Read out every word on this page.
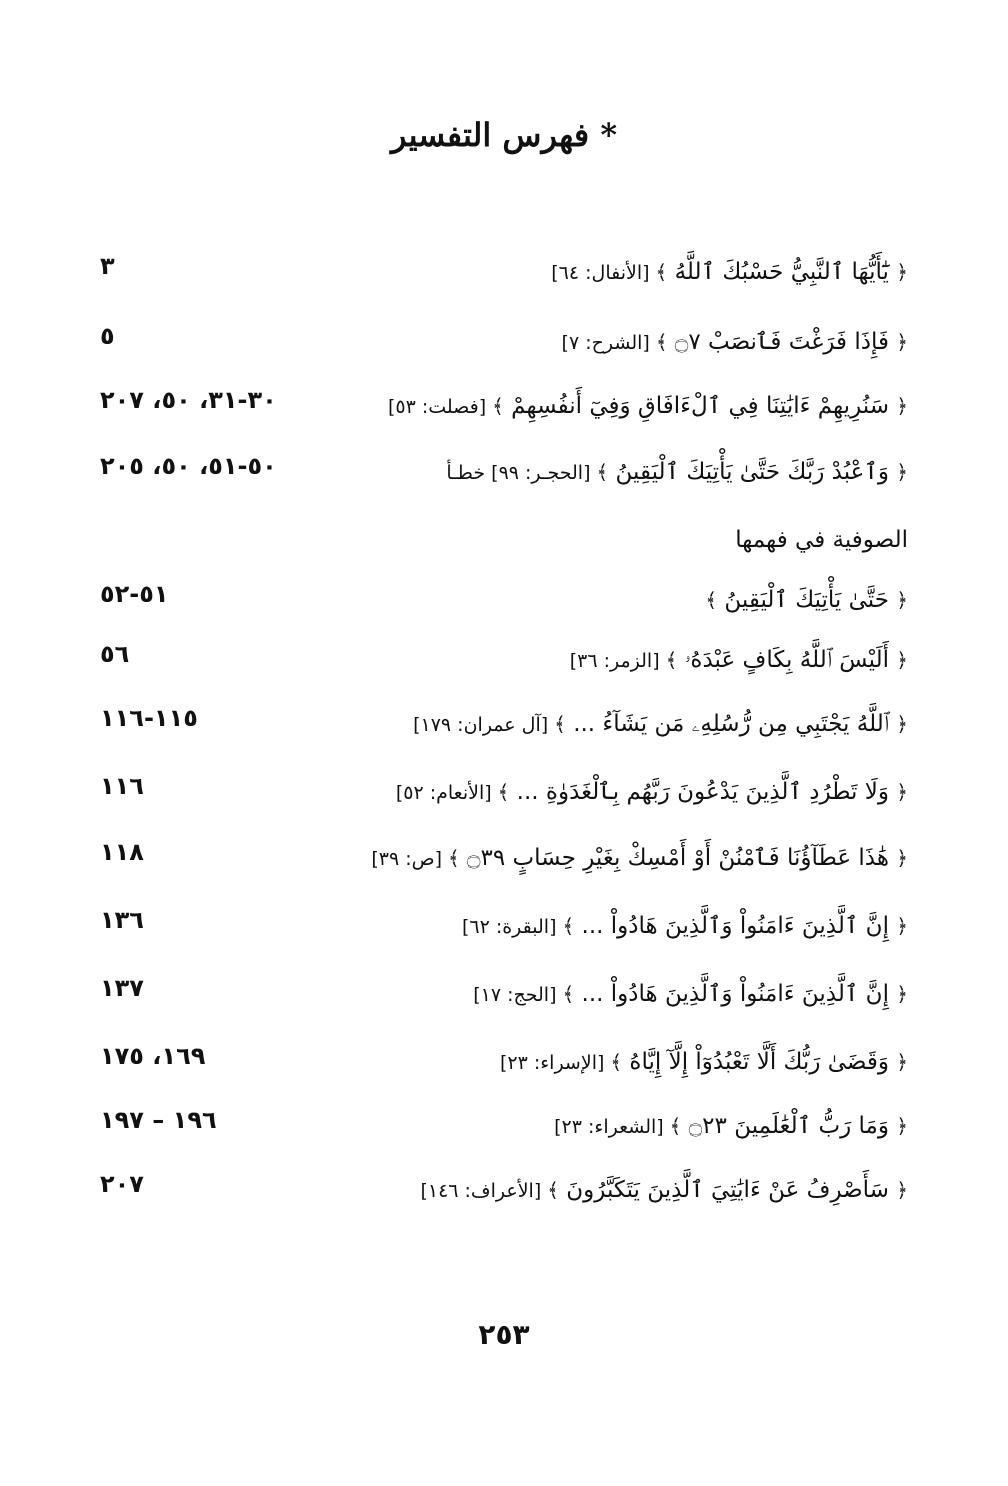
* فهرس التفسير
﴿ يَٰٓأَيُّهَا ٱلنَّبِيُّ حَسْبُكَ ٱللَّهُ ﴾[الأنفال: ٦٤]
٣
﴿ فَإِذَا فَرَغْتَ فَٱنصَبْ ۝٧ ﴾[الشرح: ٧]
٥
﴿ سَنُرِيهِمْ ءَايَٰتِنَا فِي ٱلْءَافَاقِ وَفِيٓ أَنفُسِهِمْ ﴾[فصلت: ٥٣]
٣٠-٣١، ٥٠، ٢٠٧
﴿ وَٱعْبُدْ رَبَّكَ حَتَّىٰ يَأْتِيَكَ ٱلْيَقِينُ ﴾[الحجـر: ٩٩] خطـأ
٥٠-٥١، ٥٠، ٢٠٥
الصوفية في فهمها
﴿ حَتَّىٰ يَأْتِيَكَ ٱلْيَقِينُ ﴾
٥١-٥٢
﴿ أَلَيْسَ ٱللَّهُ بِكَافٍ عَبْدَهُۥ ﴾[الزمر: ٣٦]
٥٦
﴿ ٱللَّهُ يَجْتَبِي مِن رُّسُلِهِۦ مَن يَشَآءُ ... ﴾[آل عمران: ١٧٩]
١١٥-١١٦
﴿ وَلَا تَطْرُدِ ٱلَّذِينَ يَدْعُونَ رَبَّهُم بِٱلْغَدَوٰةِ ... ﴾[الأنعام: ٥٢]
١١٦
﴿ هَٰذَا عَطَآؤُنَا فَٱمْنُنْ أَوْ أَمْسِكْ بِغَيْرِ حِسَابٍ ۝٣٩ ﴾[ص: ٣٩]
١١٨
﴿ إِنَّ ٱلَّذِينَ ءَامَنُواْ وَٱلَّذِينَ هَادُواْ ... ﴾[البقرة: ٦٢]
١٣٦
﴿ إِنَّ ٱلَّذِينَ ءَامَنُواْ وَٱلَّذِينَ هَادُواْ ... ﴾[الحج: ١٧]
١٣٧
﴿ وَقَضَىٰ رَبُّكَ أَلَّا تَعْبُدُوٓاْ إِلَّآ إِيَّاهُ ﴾[الإسراء: ٢٣]
١٦٩، ١٧٥
﴿ وَمَا رَبُّ ٱلْعَٰلَمِينَ ۝٢٣ ﴾[الشعراء: ٢٣]
١٩٦ – ١٩٧
﴿ سَأَصْرِفُ عَنْ ءَايَٰتِيَ ٱلَّذِينَ يَتَكَبَّرُونَ ﴾[الأعراف: ١٤٦]
٢٠٧
٢٥٣
